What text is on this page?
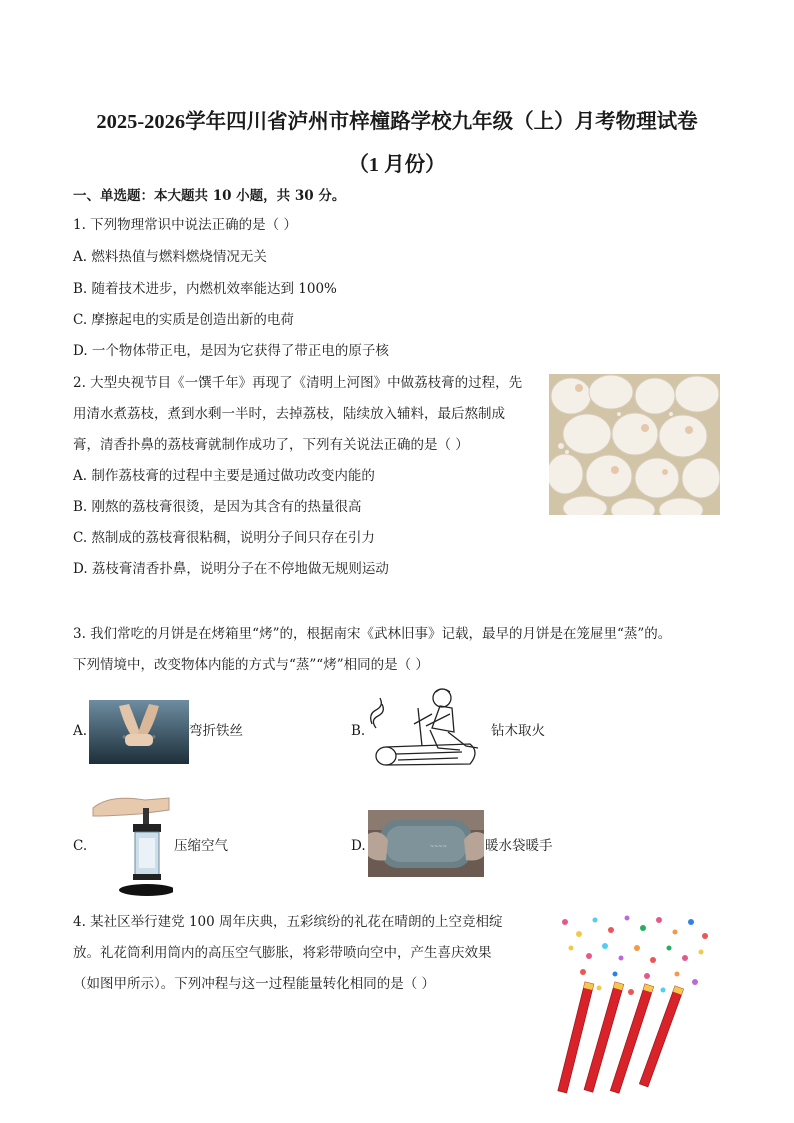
2025-2026学年四川省泸州市梓橦路学校九年级（上）月考物理试卷
（1 月份）
一、单选题：本大题共 10 小题，共 30 分。
1. 下列物理常识中说法正确的是（ ）
A. 燃料热值与燃料燃烧情况无关
B. 随着技术进步，内燃机效率能达到 100%
C. 摩擦起电的实质是创造出新的电荷
D. 一个物体带正电，是因为它获得了带正电的原子核
2. 大型央视节目《一馔千年》再现了《清明上河图》中做荔枝膏的过程，先
用清水煮荔枝，煮到水剩一半时，去掉荔枝，陆续放入辅料，最后熬制成
膏，清香扑鼻的荔枝膏就制作成功了，下列有关说法正确的是（ ）
A. 制作荔枝膏的过程中主要是通过做功改变内能的
B. 刚熬的荔枝膏很烫，是因为其含有的热量很高
C. 熬制成的荔枝膏很粘稠，说明分子间只存在引力
D. 荔枝膏清香扑鼻，说明分子在不停地做无规则运动
3. 我们常吃的月饼是在烤箱里“烤”的，根据南宋《武林旧事》记载，最早的月饼是在笼屉里“蒸”的。
下列情境中，改变物体内能的方式与“蒸”“烤”相同的是（ ）
A.	弯折铁丝	B.	钻木取火
C.	压缩空气	D.	~~~~	暖水袋暖手
4. 某社区举行建党 100 周年庆典，五彩缤纷的礼花在晴朗的上空竞相绽
放。礼花筒利用筒内的高压空气膨胀，将彩带喷向空中，产生喜庆效果
（如图甲所示）。下列冲程与这一过程能量转化相同的是（ ）
